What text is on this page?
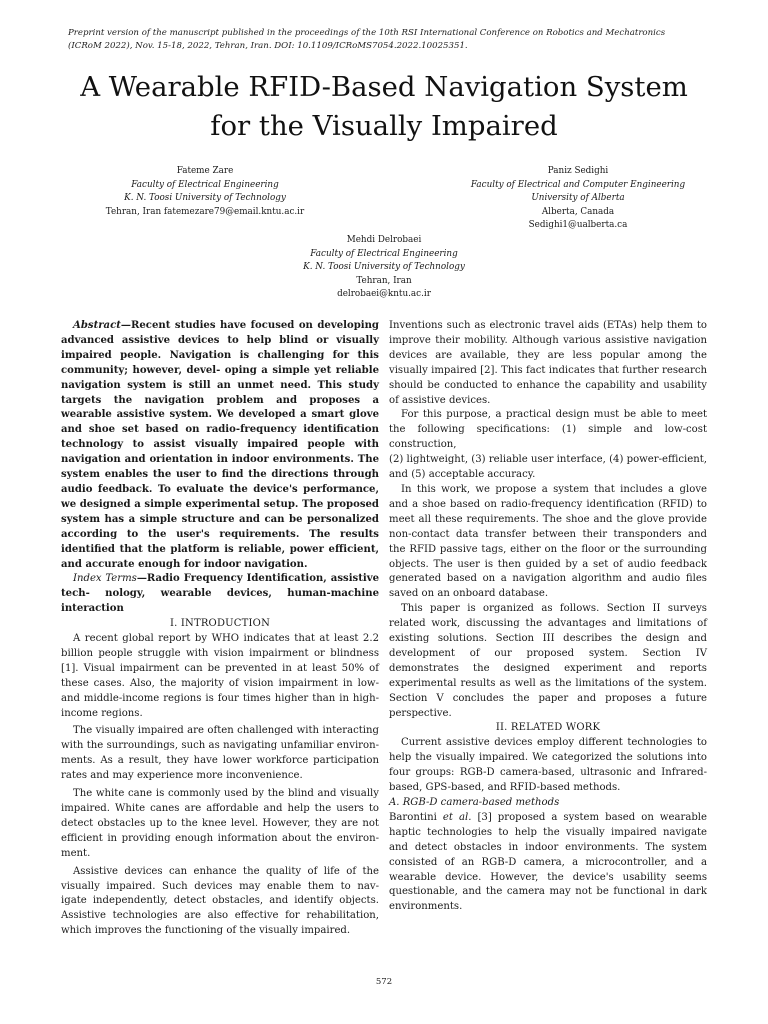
Preprint version of the manuscript published in the proceedings of the 10th RSI International Conference on Robotics and Mechatronics
(ICRoM 2022), Nov. 15-18, 2022, Tehran, Iran. DOI: 10.1109/ICRoMS7054.2022.10025351.
A Wearable RFID-Based Navigation System
for the Visually Impaired
Fateme Zare
Faculty of Electrical Engineering
K. N. Toosi University of Technology
Tehran, Iran fatemezare79@email.kntu.ac.ir
Paniz Sedighi
Faculty of Electrical and Computer Engineering
University of Alberta
Alberta, Canada
Sedighi1@ualberta.ca
Mehdi Delrobaei
Faculty of Electrical Engineering
K. N. Toosi University of Technology
Tehran, Iran
delrobaei@kntu.ac.ir

Abstract—Recent studies have focused on developing advanced assistive devices to help blind or visually impaired people. Navigation is challenging for this community; however, devel- oping a simple yet reliable navigation system is still an unmet need. This study targets the navigation problem and proposes a wearable assistive system. We developed a smart glove and shoe set based on radio-frequency identification technology to assist visually impaired people with navigation and orientation in indoor environments. The system enables the user to find the directions through audio feedback. To evaluate the device's performance, we designed a simple experimental setup. The proposed system has a simple structure and can be personalized according to the user's requirements. The results identified that the platform is reliable, power efficient, and accurate enough for indoor navigation.

Index Terms—Radio Frequency Identification, assistive tech- nology, wearable devices, human-machine interaction

I. INTRODUCTION

A recent global report by WHO indicates that at least 2.2 billion people struggle with vision impairment or blindness [1]. Visual impairment can be prevented in at least 50% of these cases. Also, the majority of vision impairment in low- and middle-income regions is four times higher than in high-income regions.

The visually impaired are often challenged with interacting with the surroundings, such as navigating unfamiliar environ- ments. As a result, they have lower workforce participation rates and may experience more inconvenience.

The white cane is commonly used by the blind and visually impaired. White canes are affordable and help the users to detect obstacles up to the knee level. However, they are not efficient in providing enough information about the environ- ment.

Assistive devices can enhance the quality of life of the visually impaired. Such devices may enable them to nav- igate independently, detect obstacles, and identify objects. Assistive technologies are also effective for rehabilitation, which improves the functioning of the visually impaired.

Inventions such as electronic travel aids (ETAs) help them to improve their mobility. Although various assistive navigation devices are available, they are less popular among the visually impaired [2]. This fact indicates that further research should be conducted to enhance the capability and usability of assistive devices.

For this purpose, a practical design must be able to meet the following specifications: (1) simple and low-cost construction,

(2) lightweight, (3) reliable user interface, (4) power-efficient, and (5) acceptable accuracy.

In this work, we propose a system that includes a glove and a shoe based on radio-frequency identification (RFID) to meet all these requirements. The shoe and the glove provide non-contact data transfer between their transponders and the RFID passive tags, either on the floor or the surrounding objects. The user is then guided by a set of audio feedback generated based on a navigation algorithm and audio files saved on an onboard database.

This paper is organized as follows. Section II surveys related work, discussing the advantages and limitations of existing solutions. Section III describes the design and development of our proposed system. Section IV demonstrates the designed experiment and reports experimental results as well as the limitations of the system. Section V concludes the paper and proposes a future perspective.

II. RELATED WORK

Current assistive devices employ different technologies to help the visually impaired. We categorized the solutions into four groups: RGB-D camera-based, ultrasonic and Infrared-based, GPS-based, and RFID-based methods.

A. RGB-D camera-based methods

Barontini et al. [3] proposed a system based on wearable haptic technologies to help the visually impaired navigate and detect obstacles in indoor environments. The system consisted of an RGB-D camera, a microcontroller, and a wearable device. However, the device's usability seems questionable, and the camera may not be functional in dark environments.

572
